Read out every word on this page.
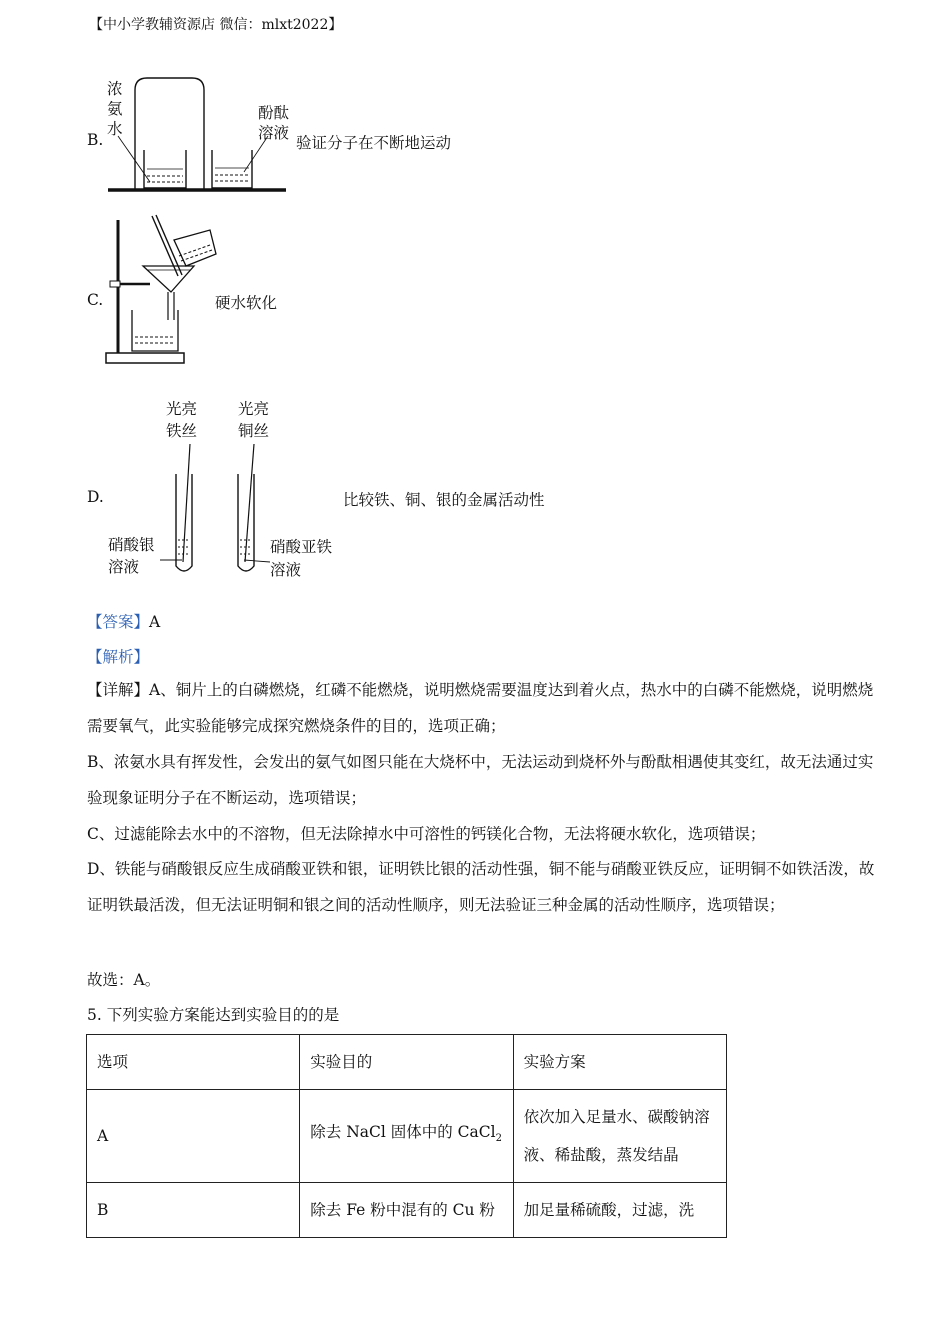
【中小学教辅资源店 微信：mlxt2022】
B.
浓
氨
水
酚酞
溶液
验证分子在不断地运动
C.	硬水软化
D.
光亮
铁丝
光亮
铜丝
硝酸银
溶液
硝酸亚铁
溶液
比较铁、铜、银的金属活动性
【答案】A
【解析】
【详解】A、铜片上的白磷燃烧，红磷不能燃烧，说明燃烧需要温度达到着火点，热水中的白磷不能燃烧，说明燃烧需要氧气，此实验能够完成探究燃烧条件的目的，选项正确；
B、浓氨水具有挥发性，会发出的氨气如图只能在大烧杯中，无法运动到烧杯外与酚酞相遇使其变红，故无法通过实验现象证明分子在不断运动，选项错误；
C、过滤能除去水中的不溶物，但无法除掉水中可溶性的钙镁化合物，无法将硬水软化，选项错误；
D、铁能与硝酸银反应生成硝酸亚铁和银，证明铁比银的活动性强，铜不能与硝酸亚铁反应，证明铜不如铁活泼，故证明铁最活泼，但无法证明铜和银之间的活动性顺序，则无法验证三种金属的活动性顺序，选项错误；
故选：A。
5. 下列实验方案能达到实验目的的是
选项	实验目的	实验方案
A	除去 NaCl 固体中的 CaCl$_2$	依次加入足量水、碳酸钠溶液、稀盐酸，蒸发结晶
B	除去 Fe 粉中混有的 Cu 粉	加足量稀硫酸，过滤，洗
